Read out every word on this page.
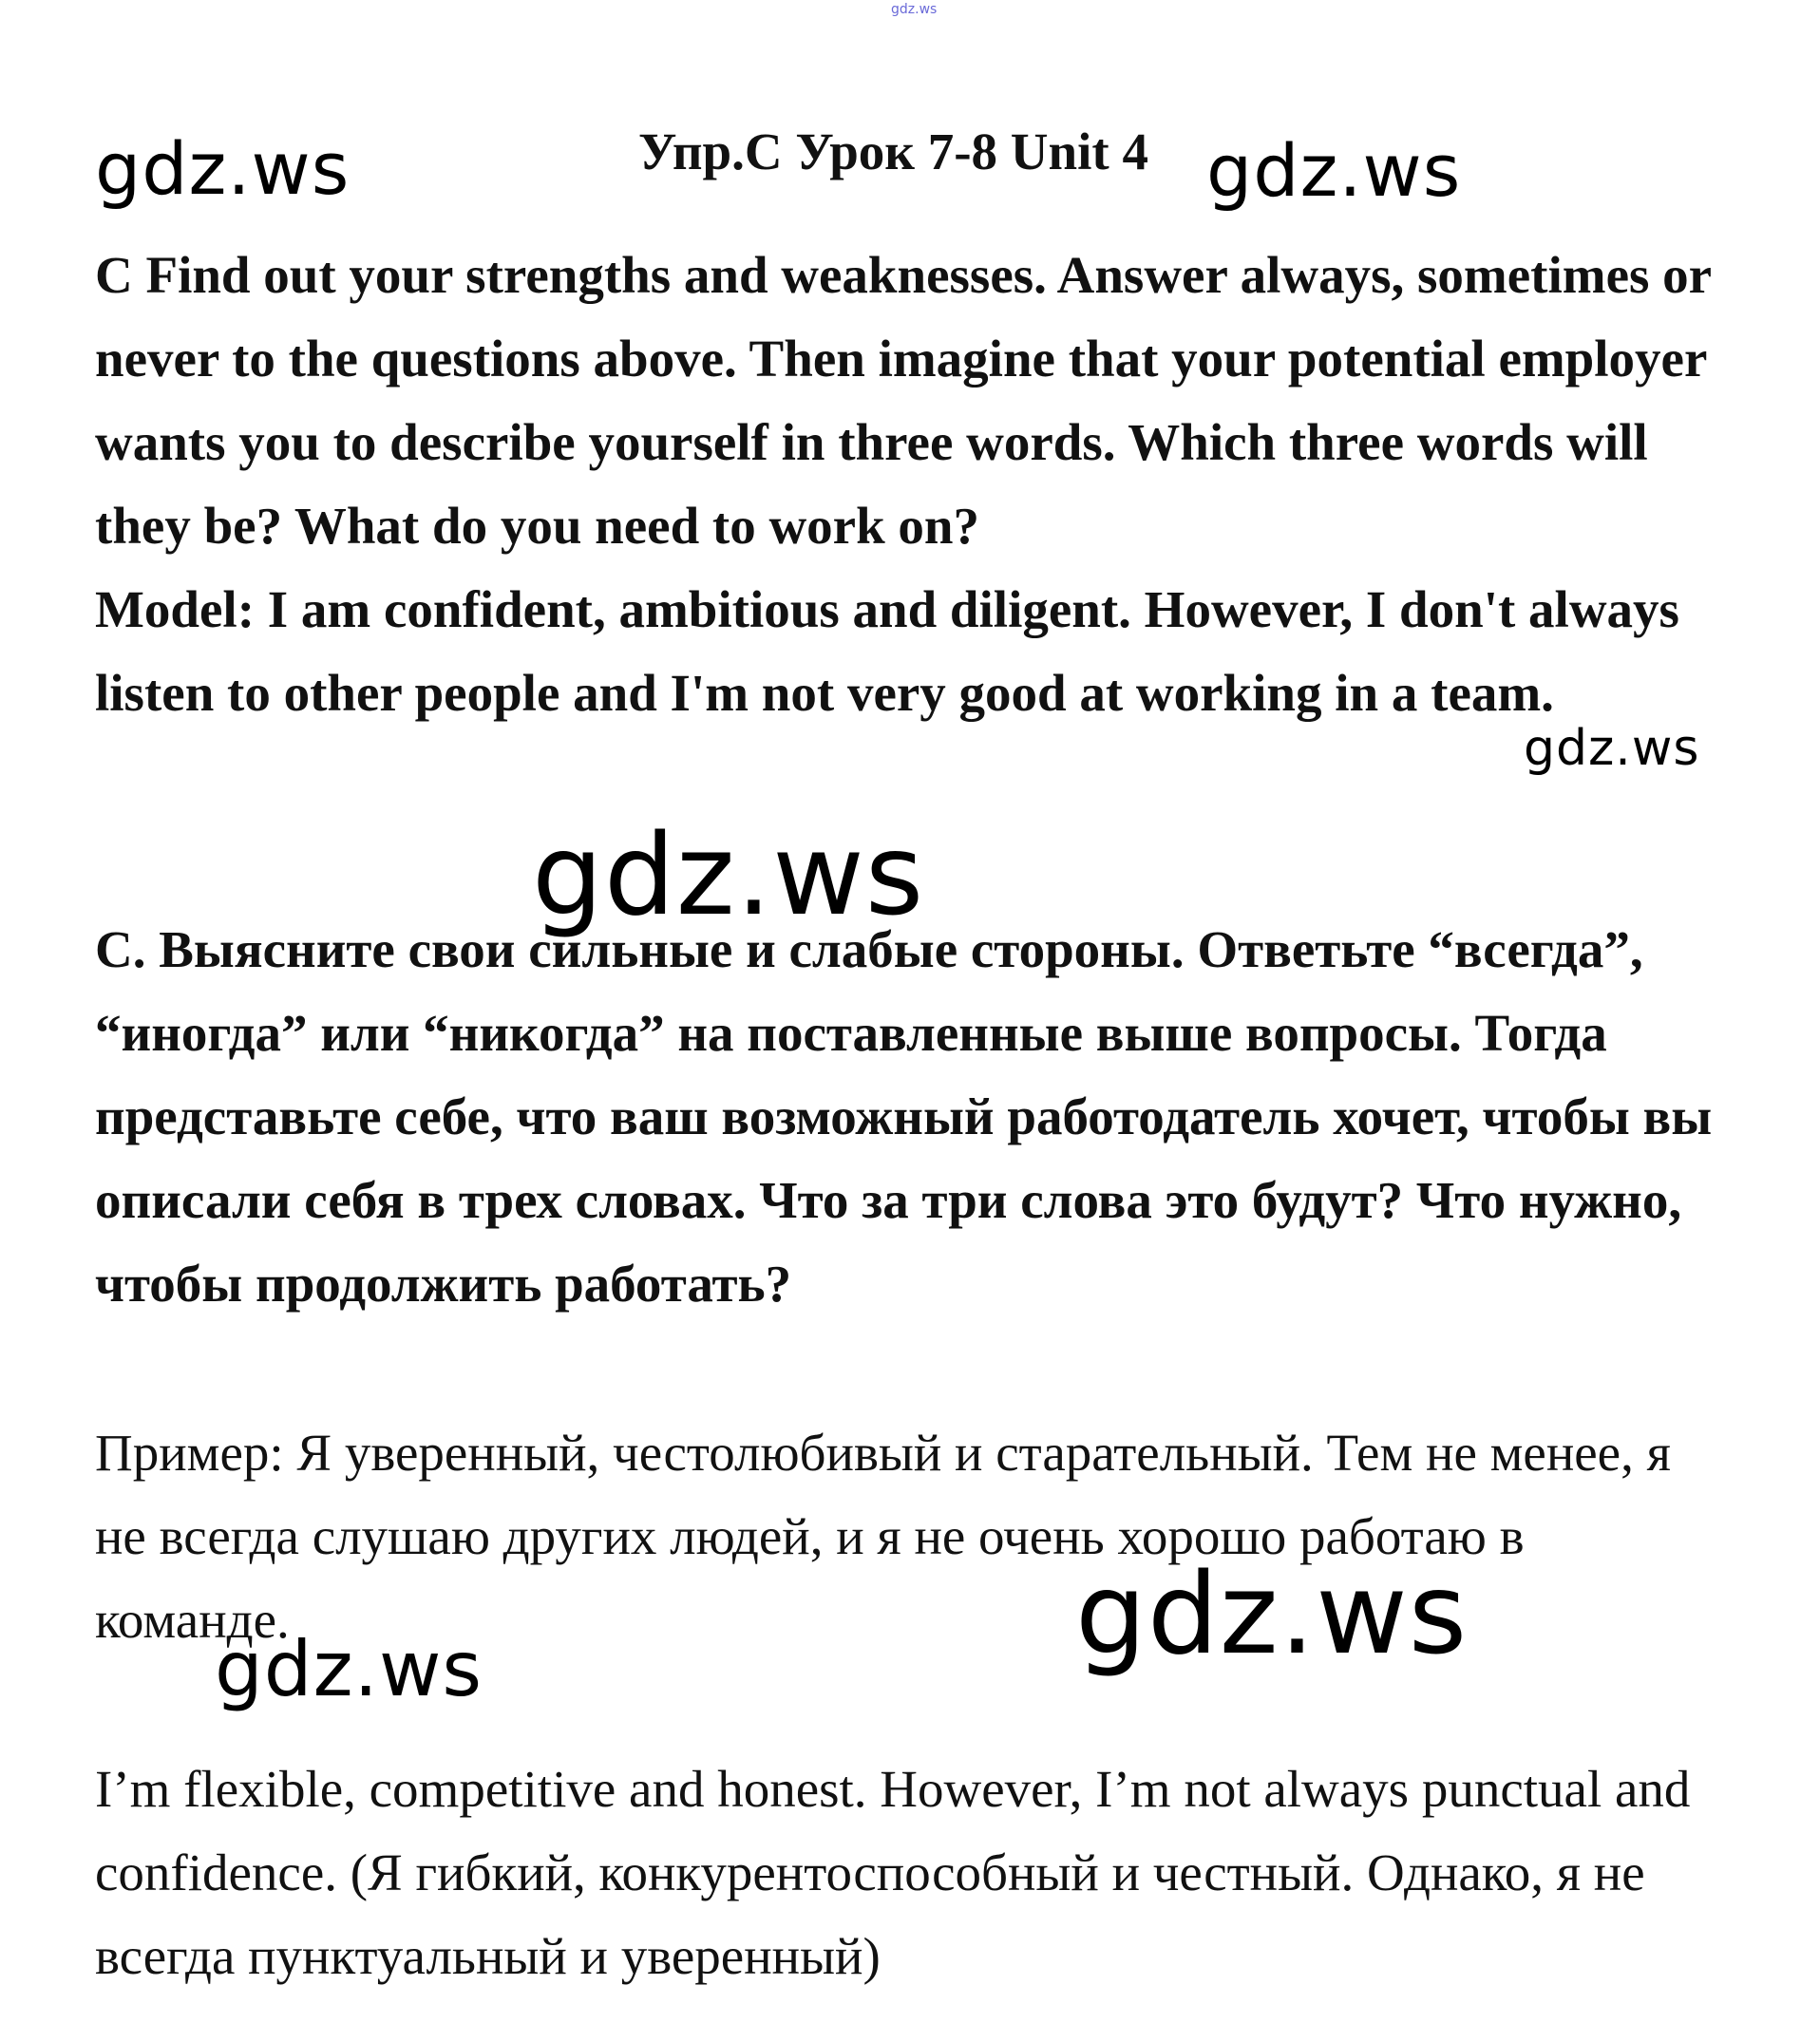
gdz.ws
gdz.ws	Упр.С Урок 7-8 Unit 4 gdz.ws

C Find out your strengths and weaknesses. Answer always, sometimes or never to the questions above. Then imagine that your potential employer wants you to describe yourself in three words. Which three words will they be? What do you need to work on?

Model: I am confident, ambitious and diligent. However, I don't always listen to other people and I'm not very good at working in a team.

gdz.ws
gdz.ws

С. Выясните свои сильные и слабые стороны. Ответьте “всегда”, “иногда” или “никогда” на поставленные выше вопросы. Тогда представьте себе, что ваш возможный работодатель хочет, чтобы вы описали себя в трех словах. Что за три слова это будут? Что нужно, чтобы продолжить работать?

Пример: Я уверенный, честолюбивый и старательный. Тем не менее, я не всегда слушаю других людей, и я не очень хорошо работаю в команде.	gdz.ws
gdz.ws

I’m flexible, competitive and honest. However, I’m not always punctual and confidence. (Я гибкий, конкурентоспособный и честный. Однако, я не всегда пунктуальный и уверенный)
